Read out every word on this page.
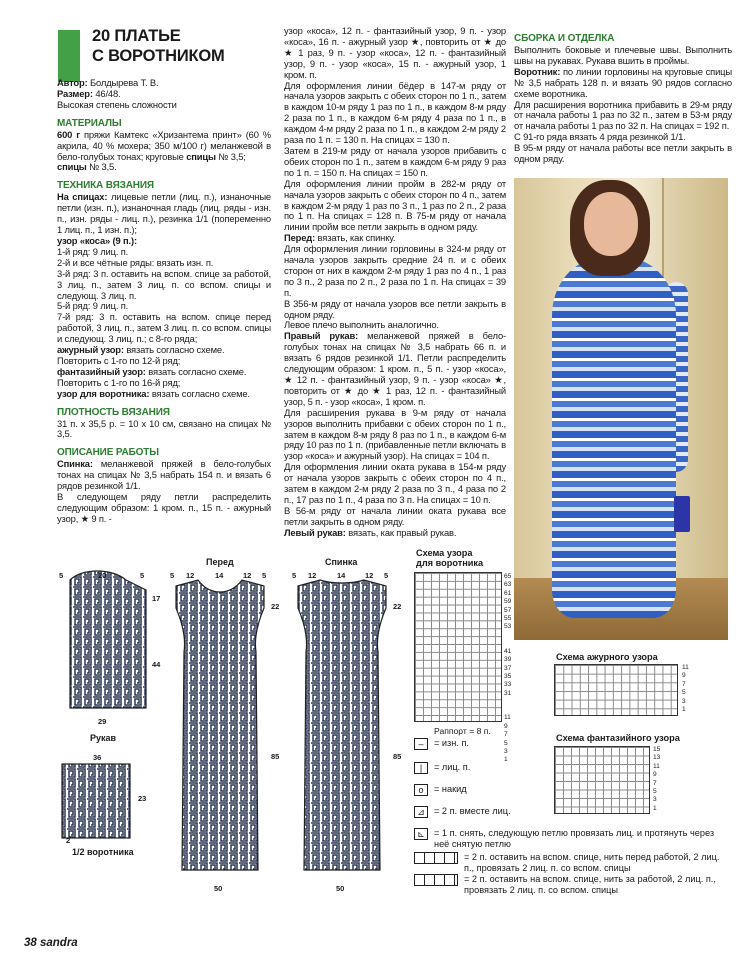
20 ПЛАТЬЕ
С ВОРОТНИКОМ

Автор: Болдырева Т. В.

Размер: 46/48.

Высокая степень сложности

МАТЕРИАЛЫ

600 г пряжи Камтекс «Хризантема принт» (60 % акрила, 40 % мохера; 350 м/100 г) меланжевой в бело-голубых тонах; круговые спицы № 3,5;

спицы № 3,5.

ТЕХНИКА ВЯЗАНИЯ

На спицах: лицевые петли (лиц. п.), изнаночные петли (изн. п.), изнаночная гладь (лиц. ряды - изн. п., изн. ряды - лиц. п.), резинка 1/1 (попеременно 1 лиц. п., 1 изн. п.);

узор «коса» (9 п.):

1-й ряд: 9 лиц. п.

2-й и все чётные ряды: вязать изн. п.

3-й ряд: 3 п. оставить на вспом. спице за работой, 3 лиц. п., затем 3 лиц. п. со вспом. спицы и следующ. 3 лиц. п.

5-й ряд: 9 лиц. п.

7-й ряд: 3 п. оставить на вспом. спице перед работой, 3 лиц. п., затем 3 лиц. п. со вспом. спицы и следующ. 3 лиц. п.; с 8-го ряда;

ажурный узор: вязать согласно схеме.

Повторить с 1-го по 12-й ряд;

фантазийный узор: вязать согласно схеме.

Повторить с 1-го по 16-й ряд;

узор для воротника: вязать согласно схеме.

ПЛОТНОСТЬ ВЯЗАНИЯ

31 п. х 35,5 р. = 10 х 10 см, связано на спицах № 3,5.

ОПИСАНИЕ РАБОТЫ

Спинка: меланжевой пряжей в бело-голубых тонах на спицах № 3,5 набрать 154 п. и вязать 6 рядов резинкой 1/1.

В следующем ряду петли распределить следующим образом: 1 кром. п., 15 п. - ажурный узор, ★ 9 п. -

узор «коса», 12 п. - фантазийный узор, 9 п. - узор «коса», 16 п. - ажурный узор ★, повторить от ★ до ★ 1 раз, 9 п. - узор «коса», 12 п. - фантазийный узор, 9 п. - узор «коса», 15 п. - ажурный узор, 1 кром. п.

Для оформления линии бёдер в 147-м ряду от начала узоров закрыть с обеих сторон по 1 п., затем в каждом 10-м ряду 1 раз по 1 п., в каждом 8-м ряду 2 раза по 1 п., в каждом 6-м ряду 4 раза по 1 п., в каждом 4-м ряду 2 раза по 1 п., в каждом 2-м ряду 2 раза по 1 п. = 130 п. На спицах = 130 п.

Затем в 219-м ряду от начала узоров прибавить с обеих сторон по 1 п., затем в каждом 6-м ряду 9 раз по 1 п. = 150 п. На спицах = 150 п.

Для оформления линии пройм в 282-м ряду от начала узоров закрыть с обеих сторон по 4 п., затем в каждом 2-м ряду 1 раз по 3 п., 1 раз по 2 п., 2 раза по 1 п. На спицах = 128 п. В 75-м ряду от начала линии пройм все петли закрыть в одном ряду.

Перед: вязать, как спинку.

Для оформления линии горловины в 324-м ряду от начала узоров закрыть средние 24 п. и с обеих сторон от них в каждом 2-м ряду 1 раз по 4 п., 1 раз по 3 п., 2 раза по 2 п., 2 раза по 1 п. На спицах = 39 п.

В 356-м ряду от начала узоров все петли закрыть в одном ряду.

Левое плечо выполнить аналогично.

Правый рукав: меланжевой пряжей в бело-голубых тонах на спицах № 3,5 набрать 66 п. и вязать 6 рядов резинкой 1/1. Петли распределить следующим образом: 1 кром. п., 5 п. - узор «коса», ★ 12 п. - фантазийный узор, 9 п. - узор «коса» ★, повторить от ★ до ★ 1 раз, 12 п. - фантазийный узор, 5 п. - узор «коса», 1 кром. п.

Для расширения рукава в 9-м ряду от начала узоров выполнить прибавки с обеих сторон по 1 п., затем в каждом 8-м ряду 8 раз по 1 п., в каждом 6-м ряду 10 раз по 1 п. (прибавленные петли включать в узор «коса» и ажурный узор). На спицах = 104 п.

Для оформления линии оката рукава в 154-м ряду от начала узоров закрыть с обеих сторон по 4 п., затем в каждом 2-м ряду 2 раза по 3 п., 4 раза по 2 п., 17 раз по 1 п., 4 раза по 3 п. На спицах = 10 п.

В 56-м ряду от начала линии оката рукава все петли закрыть в одном ряду.

Левый рукав: вязать, как правый рукав.

СБОРКА И ОТДЕЛКА

Выполнить боковые и плечевые швы. Выполнить швы на рукавах. Рукава вшить в проймы.

Воротник: по линии горловины на круговые спицы № 3,5 набрать 128 п. и вязать 90 рядов согласно схеме воротника.

Для расширения воротника прибавить в 29-м ряду от начала работы 1 раз по 32 п., затем в 53-м ряду от начала работы 1 раз по 32 п. На спицах = 192 п.

С 91-го ряда вязать 4 ряда резинкой 1/1.

В 95-м ряду от начала работы все петли закрыть в одном ряду.

Перед	Спинка
Рукав
1/2 воротника
5	20	5
17
44
29
36
23
2
5 12	14	12 5
22
85
50
5 12	14	12 5
22
85
50
Схема узора
для воротника
65
63
61
59
57
55
53
41
39
37
35
33
31
11
9
7
5
3
1
Раппорт = 8 п.
Схема ажурного узора
11
9
7
5
3
1
Схема фантазийного узора
15
13
11
9
7
5
3
1
–	= изн. п.
|	= лиц. п.
o	= накид
⊿	= 2 п. вместе лиц.
⊾	= 1 п. снять, следующую петлю провязать лиц. и протянуть через неё снятую петлю
= 2 п. оставить на вспом. спице, нить перед работой, 2 лиц. п., провязать 2 лиц. п. со вспом. спицы
= 2 п. оставить на вспом. спице, нить за работой, 2 лиц. п., провязать 2 лиц. п. со вспом. спицы
38 sandra
